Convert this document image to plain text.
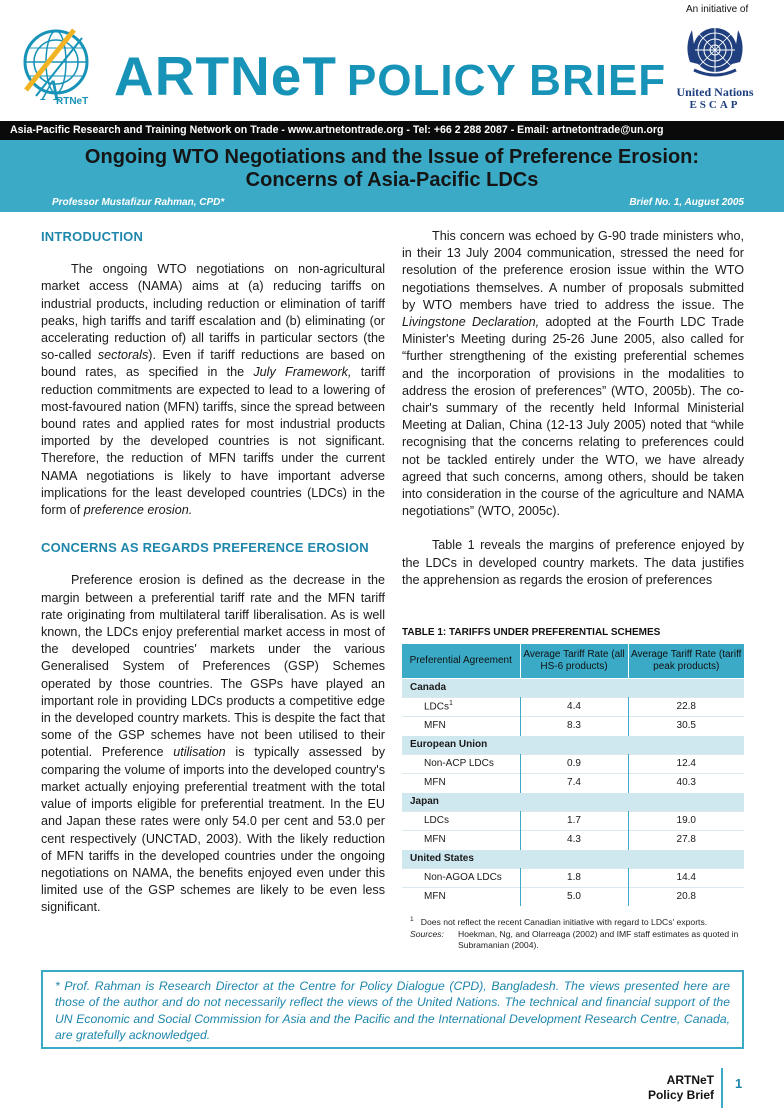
A
RTNeT ARTNeT POLICY BRIEF
An initiative of
United Nations
ESCAP
Asia-Pacific Research and Training Network on Trade - www.artnetontrade.org - Tel: +66 2 288 2087 - Email: artnetontrade@un.org
Ongoing WTO Negotiations and the Issue of Preference Erosion:
Concerns of Asia-Pacific LDCs
Professor Mustafizur Rahman, CPD*	Brief No. 1, August 2005
INTRODUCTION

The ongoing WTO negotiations on non-agricultural market access (NAMA) aims at (a) reducing tariffs on industrial products, including reduction or elimination of tariff peaks, high tariffs and tariff escalation and (b) eliminating (or accelerating reduction of) all tariffs in particular sectors (the so-called sectorals). Even if tariff reductions are based on bound rates, as specified in the July Framework, tariff reduction commitments are expected to lead to a lowering of most-favoured nation (MFN) tariffs, since the spread between bound rates and applied rates for most industrial products imported by the developed countries is not significant. Therefore, the reduction of MFN tariffs under the current NAMA negotiations is likely to have important adverse implications for the least developed countries (LDCs) in the form of preference erosion.

CONCERNS AS REGARDS PREFERENCE EROSION

Preference erosion is defined as the decrease in the margin between a preferential tariff rate and the MFN tariff rate originating from multilateral tariff liberalisation. As is well known, the LDCs enjoy preferential market access in most of the developed countries' markets under the various Generalised System of Preferences (GSP) Schemes operated by those countries. The GSPs have played an important role in providing LDCs products a competitive edge in the developed country markets. This is despite the fact that some of the GSP schemes have not been utilised to their potential. Preference utilisation is typically assessed by comparing the volume of imports into the developed country's market actually enjoying preferential treatment with the total value of imports eligible for preferential treatment. In the EU and Japan these rates were only 54.0 per cent and 53.0 per cent respectively (UNCTAD, 2003). With the likely reduction of MFN tariffs in the developed countries under the ongoing negotiations on NAMA, the benefits enjoyed even under this limited use of the GSP schemes are likely to be even less significant.

This concern was echoed by G-90 trade ministers who, in their 13 July 2004 communication, stressed the need for resolution of the preference erosion issue within the WTO negotiations themselves. A number of proposals submitted by WTO members have tried to address the issue. The Livingstone Declaration, adopted at the Fourth LDC Trade Minister's Meeting during 25-26 June 2005, also called for “further strengthening of the existing preferential schemes and the incorporation of provisions in the modalities to address the erosion of preferences” (WTO, 2005b). The co-chair's summary of the recently held Informal Ministerial Meeting at Dalian, China (12-13 July 2005) noted that “while recognising that the concerns relating to preferences could not be tackled entirely under the WTO, we have already agreed that such concerns, among others, should be taken into consideration in the course of the agriculture and NAMA negotiations” (WTO, 2005c).

Table 1 reveals the margins of preference enjoyed by the LDCs in developed country markets. The data justifies the apprehension as regards the erosion of preferences

TABLE 1: TARIFFS UNDER PREFERENTIAL SCHEMES
Preferential Agreement	Average Tariff Rate (all HS-6 products)	Average Tariff Rate (tariff peak products)
Canada		
LDCs$^1$	4.4	22.8
MFN	8.3	30.5
European Union		
Non-ACP LDCs	0.9	12.4
MFN	7.4	40.3
Japan		
LDCs	1.7	19.0
MFN	4.3	27.8
United States		
Non-AGOA LDCs	1.8	14.4
MFN	5.0	20.8
$^1$ Does not reflect the recent Canadian initiative with regard to LDCs' exports.
Sources:	Hoekman, Ng, and Olarreaga (2002) and IMF staff estimates as quoted in Subramanian (2004).
* Prof. Rahman is Research Director at the Centre for Policy Dialogue (CPD), Bangladesh. The views presented here are those of the author and do not necessarily reflect the views of the United Nations. The technical and financial support of the UN Economic and Social Commission for Asia and the Pacific and the International Development Research Centre, Canada, are gratefully acknowledged.
ARTNeT
Policy Brief
1
